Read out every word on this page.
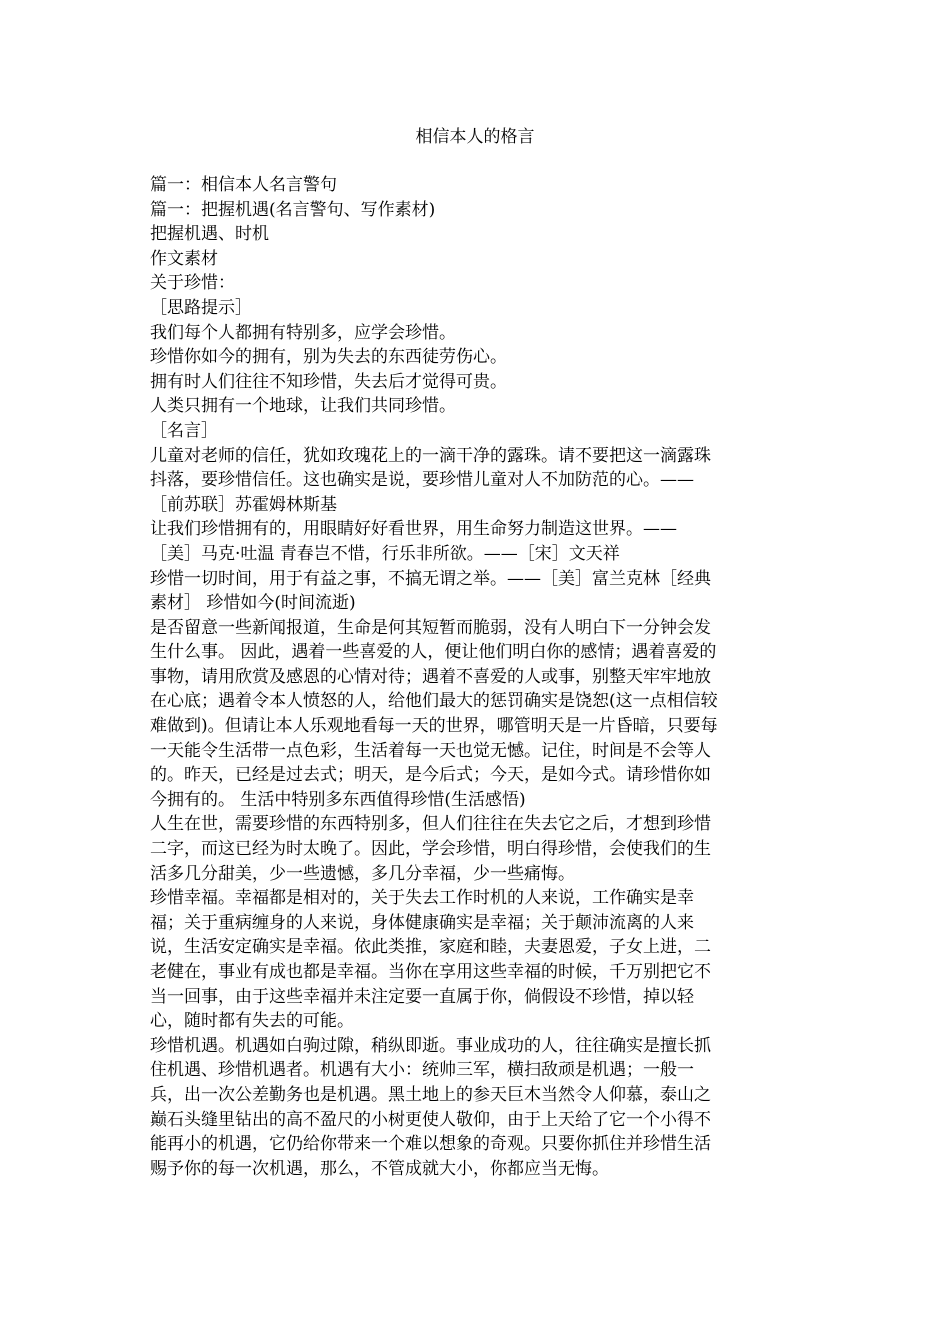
相信本人的格言
篇一：相信本人名言警句
篇一：把握机遇(名言警句、写作素材)
把握机遇、时机
作文素材
关于珍惜：
［思路提示］
我们每个人都拥有特别多，应学会珍惜。
珍惜你如今的拥有，别为失去的东西徒劳伤心。
拥有时人们往往不知珍惜，失去后才觉得可贵。
人类只拥有一个地球，让我们共同珍惜。
［名言］
儿童对老师的信任，犹如玫瑰花上的一滴干净的露珠。请不要把这一滴露珠
抖落，要珍惜信任。这也确实是说，要珍惜儿童对人不加防范的心。——
［前苏联］苏霍姆林斯基
让我们珍惜拥有的，用眼睛好好看世界，用生命努力制造这世界。——
［美］马克·吐温 青春岂不惜，行乐非所欲。——［宋］文天祥
珍惜一切时间，用于有益之事，不搞无谓之举。——［美］富兰克林［经典
素材］ 珍惜如今(时间流逝)
是否留意一些新闻报道，生命是何其短暂而脆弱，没有人明白下一分钟会发
生什么事。 因此，遇着一些喜爱的人，便让他们明白你的感情；遇着喜爱的
事物，请用欣赏及感恩的心情对待；遇着不喜爱的人或事，别整天牢牢地放
在心底；遇着令本人愤怒的人，给他们最大的惩罚确实是饶恕(这一点相信较
难做到)。但请让本人乐观地看每一天的世界，哪管明天是一片昏暗，只要每
一天能令生活带一点色彩，生活着每一天也觉无憾。记住，时间是不会等人
的。昨天，已经是过去式；明天，是今后式；今天，是如今式。请珍惜你如
今拥有的。 生活中特别多东西值得珍惜(生活感悟)
人生在世，需要珍惜的东西特别多，但人们往往在失去它之后，才想到珍惜
二字，而这已经为时太晚了。因此，学会珍惜，明白得珍惜，会使我们的生
活多几分甜美，少一些遗憾，多几分幸福，少一些痛悔。
珍惜幸福。幸福都是相对的，关于失去工作时机的人来说，工作确实是幸
福；关于重病缠身的人来说，身体健康确实是幸福；关于颠沛流离的人来
说，生活安定确实是幸福。依此类推，家庭和睦，夫妻恩爱，子女上进，二
老健在，事业有成也都是幸福。当你在享用这些幸福的时候，千万别把它不
当一回事，由于这些幸福并未注定要一直属于你，倘假设不珍惜，掉以轻
心，随时都有失去的可能。
珍惜机遇。机遇如白驹过隙，稍纵即逝。事业成功的人，往往确实是擅长抓
住机遇、珍惜机遇者。机遇有大小：统帅三军，横扫敌顽是机遇；一般一
兵，出一次公差勤务也是机遇。黑土地上的参天巨木当然令人仰慕，泰山之
巅石头缝里钻出的高不盈尺的小树更使人敬仰，由于上天给了它一个小得不
能再小的机遇，它仍给你带来一个难以想象的奇观。只要你抓住并珍惜生活
赐予你的每一次机遇，那么，不管成就大小，你都应当无悔。
